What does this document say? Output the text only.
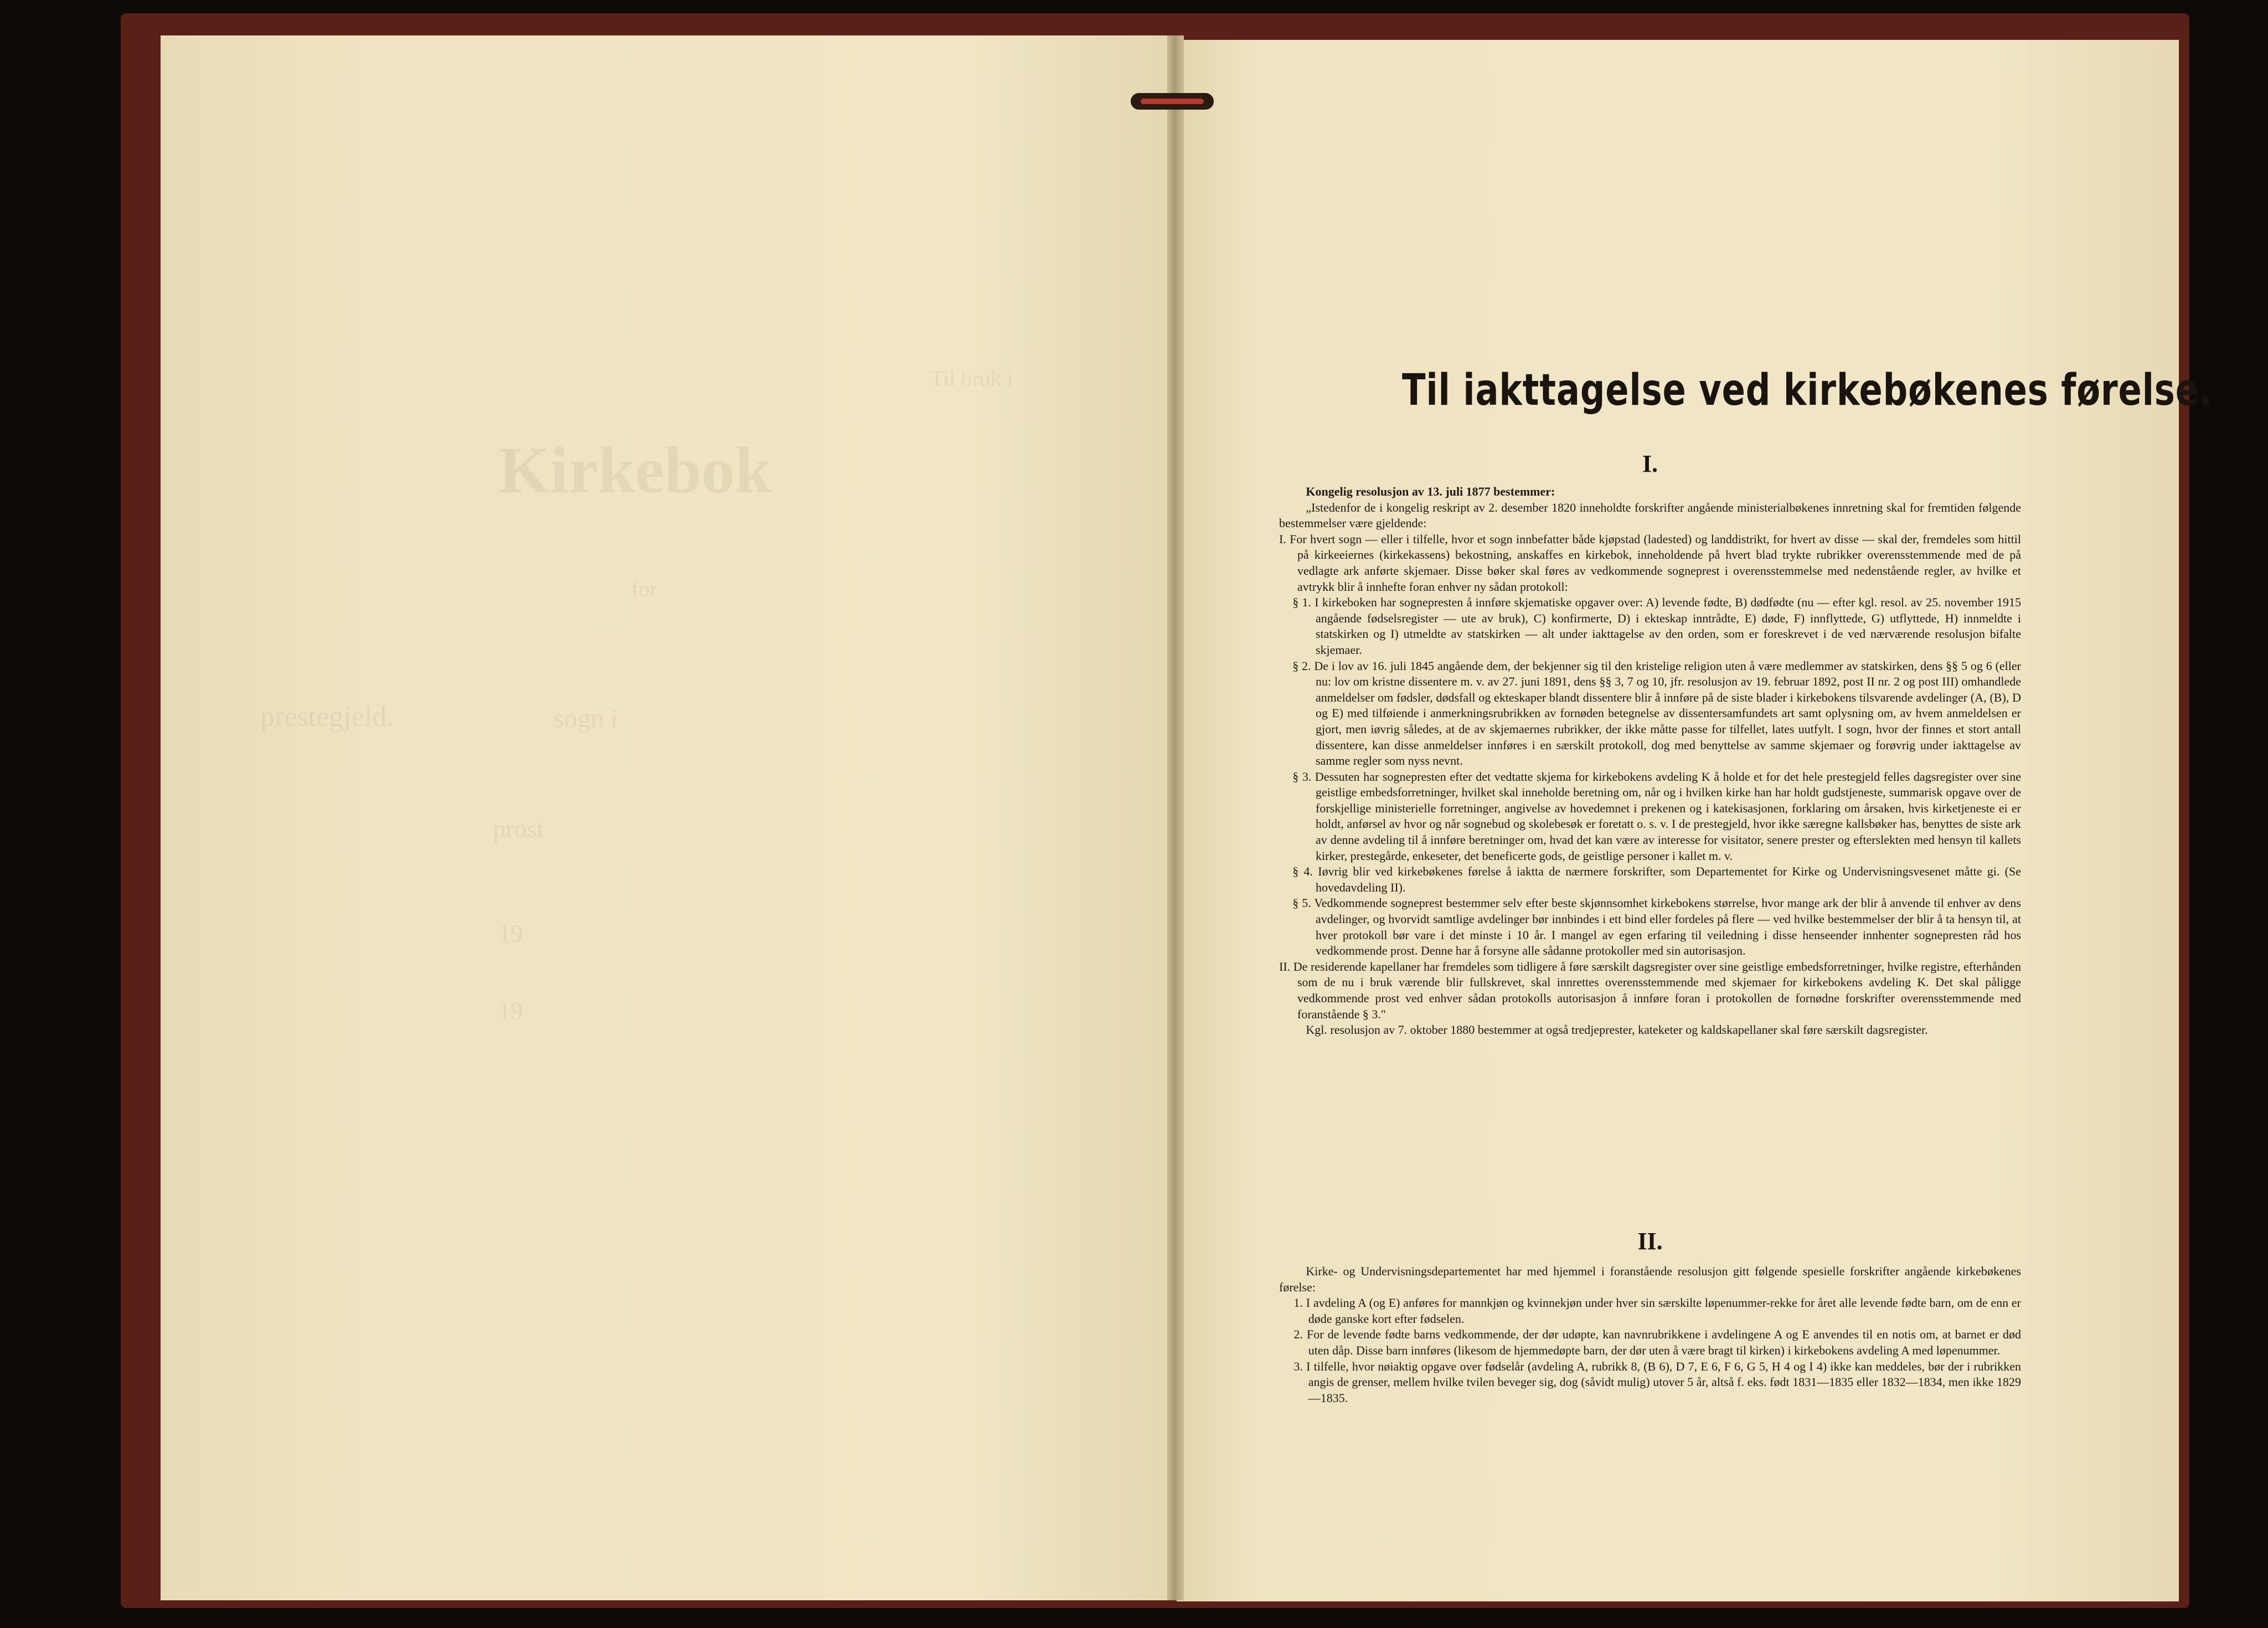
Kirkebok
Til bruk i
for
sogn i
prestegjeld.
prost
19
19
Til iakttagelse ved kirkebøkenes førelse.
I.

Kongelig resolusjon av 13. juli 1877 bestemmer:

„Istedenfor de i kongelig reskript av 2. desember 1820 inneholdte forskrifter angående ministerialbøkenes innretning skal for fremtiden følgende bestemmelser være gjeldende:

I. For hvert sogn — eller i tilfelle, hvor et sogn innbefatter både kjøpstad (ladested) og landdistrikt, for hvert av disse — skal der, fremdeles som hittil på kirkeeiernes (kirkekassens) bekostning, anskaffes en kirkebok, inneholdende på hvert blad trykte rubrikker overensstemmende med de på vedlagte ark anførte skjemaer. Disse bøker skal føres av vedkommende sogneprest i overensstemmelse med nedenstående regler, av hvilke et avtrykk blir å innhefte foran enhver ny sådan protokoll:

§ 1. I kirkeboken har sognepresten å innføre skjematiske opgaver over: A) levende fødte, B) dødfødte (nu — efter kgl. resol. av 25. november 1915 angående fødselsregister — ute av bruk), C) konfirmerte, D) i ekteskap inntrådte, E) døde, F) innflyttede, G) utflyttede, H) innmeldte i statskirken og I) utmeldte av statskirken — alt under iakttagelse av den orden, som er foreskrevet i de ved nærværende resolusjon bifalte skjemaer.

§ 2. De i lov av 16. juli 1845 angående dem, der bekjenner sig til den kristelige religion uten å være medlemmer av statskirken, dens §§ 5 og 6 (eller nu: lov om kristne dissentere m. v. av 27. juni 1891, dens §§ 3, 7 og 10, jfr. resolusjon av 19. februar 1892, post II nr. 2 og post III) omhandlede anmeldelser om fødsler, dødsfall og ekteskaper blandt dissentere blir å innføre på de siste blader i kirkebokens tilsvarende avdelinger (A, (B), D og E) med tilføiende i anmerkningsrubrikken av fornøden betegnelse av dissentersamfundets art samt oplysning om, av hvem anmeldelsen er gjort, men iøvrig således, at de av skjemaernes rubrikker, der ikke måtte passe for tilfellet, lates uutfylt. I sogn, hvor der finnes et stort antall dissentere, kan disse anmeldelser innføres i en særskilt protokoll, dog med benyttelse av samme skjemaer og forøvrig under iakttagelse av samme regler som nyss nevnt.

§ 3. Dessuten har sognepresten efter det vedtatte skjema for kirkebokens avdeling K å holde et for det hele prestegjeld felles dagsregister over sine geistlige embedsforretninger, hvilket skal inneholde beretning om, når og i hvilken kirke han har holdt gudstjeneste, summarisk opgave over de forskjellige ministerielle forretninger, angivelse av hovedemnet i prekenen og i katekisasjonen, forklaring om årsaken, hvis kirketjeneste ei er holdt, anførsel av hvor og når sognebud og skolebesøk er foretatt o. s. v. I de prestegjeld, hvor ikke særegne kallsbøker has, benyttes de siste ark av denne avdeling til å innføre beretninger om, hvad det kan være av interesse for visitator, senere prester og efterslekten med hensyn til kallets kirker, prestegårde, enkeseter, det beneficerte gods, de geistlige personer i kallet m. v.

§ 4. Iøvrig blir ved kirkebøkenes førelse å iaktta de nærmere forskrifter, som Departementet for Kirke og Undervisningsvesenet måtte gi. (Se hovedavdeling II).

§ 5. Vedkommende sogneprest bestemmer selv efter beste skjønnsomhet kirkebokens størrelse, hvor mange ark der blir å anvende til enhver av dens avdelinger, og hvorvidt samtlige avdelinger bør innbindes i ett bind eller fordeles på flere — ved hvilke bestemmelser der blir å ta hensyn til, at hver protokoll bør vare i det minste i 10 år. I mangel av egen erfaring til veiledning i disse henseender innhenter sognepresten råd hos vedkommende prost. Denne har å forsyne alle sådanne protokoller med sin autorisasjon.

II. De residerende kapellaner har fremdeles som tidligere å føre særskilt dagsregister over sine geistlige embedsforretninger, hvilke registre, efterhånden som de nu i bruk værende blir fullskrevet, skal innrettes overensstemmende med skjemaer for kirkebokens avdeling K. Det skal påligge vedkommende prost ved enhver sådan protokolls autorisasjon å innføre foran i protokollen de fornødne forskrifter overensstemmende med foranstående § 3."

Kgl. resolusjon av 7. oktober 1880 bestemmer at også tredjeprester, kateketer og kaldskapellaner skal føre særskilt dagsregister.

II.

Kirke- og Undervisningsdepartementet har med hjemmel i foranstående resolusjon gitt følgende spesielle forskrifter angående kirkebøkenes førelse:

1. I avdeling A (og E) anføres for mannkjøn og kvinnekjøn under hver sin særskilte løpenummer-rekke for året alle levende fødte barn, om de enn er døde ganske kort efter fødselen.

2. For de levende fødte barns vedkommende, der dør udøpte, kan navnrubrikkene i avdelingene A og E anvendes til en notis om, at barnet er død uten dåp. Disse barn innføres (likesom de hjemmedøpte barn, der dør uten å være bragt til kirken) i kirkebokens avdeling A med løpenummer.

3. I tilfelle, hvor nøiaktig opgave over fødselår (avdeling A, rubrikk 8, (B 6), D 7, E 6, F 6, G 5, H 4 og I 4) ikke kan meddeles, bør der i rubrikken angis de grenser, mellem hvilke tvilen beveger sig, dog (såvidt mulig) utover 5 år, altså f. eks. født 1831—1835 eller 1832—1834, men ikke 1829—1835.
